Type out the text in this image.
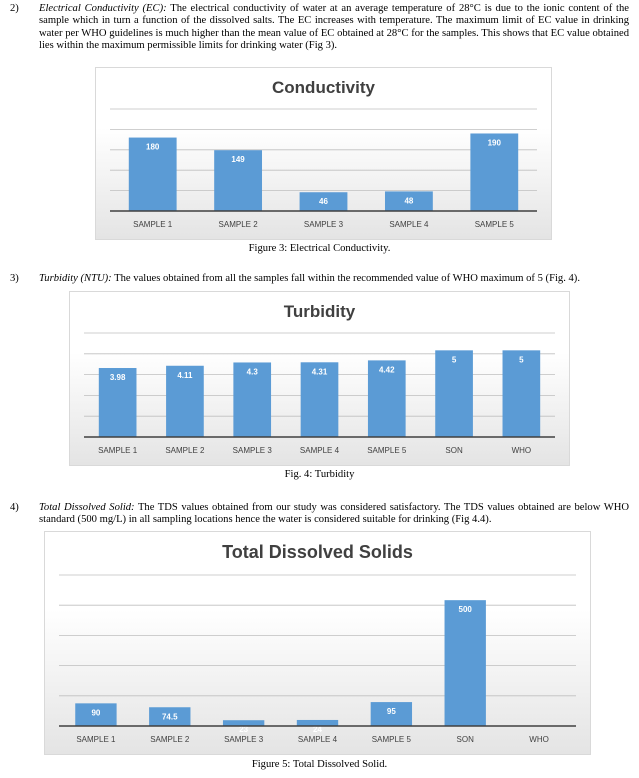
2) Electrical Conductivity (EC): The electrical conductivity of water at an average temperature of 28°C is due to the ionic content of the sample which in turn a function of the dissolved salts. The EC increases with temperature. The maximum limit of EC value in drinking water per WHO guidelines is much higher than the mean value of EC obtained at 28°C for the samples. This shows that EC value obtained lies within the maximum permissible limits for drinking water (Fig 3).
Conductivity
180
SAMPLE 1
149
SAMPLE 2
46
SAMPLE 3
48
SAMPLE 4
190
SAMPLE 5
Figure 3: Electrical Conductivity.
3) Turbidity (NTU): The values obtained from all the samples fall within the recommended value of WHO maximum of 5 (Fig. 4).
Turbidity
3.98
SAMPLE 1
4.11
SAMPLE 2
4.3
SAMPLE 3
4.31
SAMPLE 4
4.42
SAMPLE 5
5
SON
5
WHO
Fig. 4: Turbidity
4) Total Dissolved Solid: The TDS values obtained from our study was considered satisfactory. The TDS values obtained are below WHO standard (500 mg/L) in all sampling locations hence the water is considered suitable for drinking (Fig 4.4).
Total Dissolved Solids
90
SAMPLE 1
74.5
SAMPLE 2
23
SAMPLE 3
24
SAMPLE 4
95
SAMPLE 5
500
SON	WHO
Figure 5: Total Dissolved Solid.
